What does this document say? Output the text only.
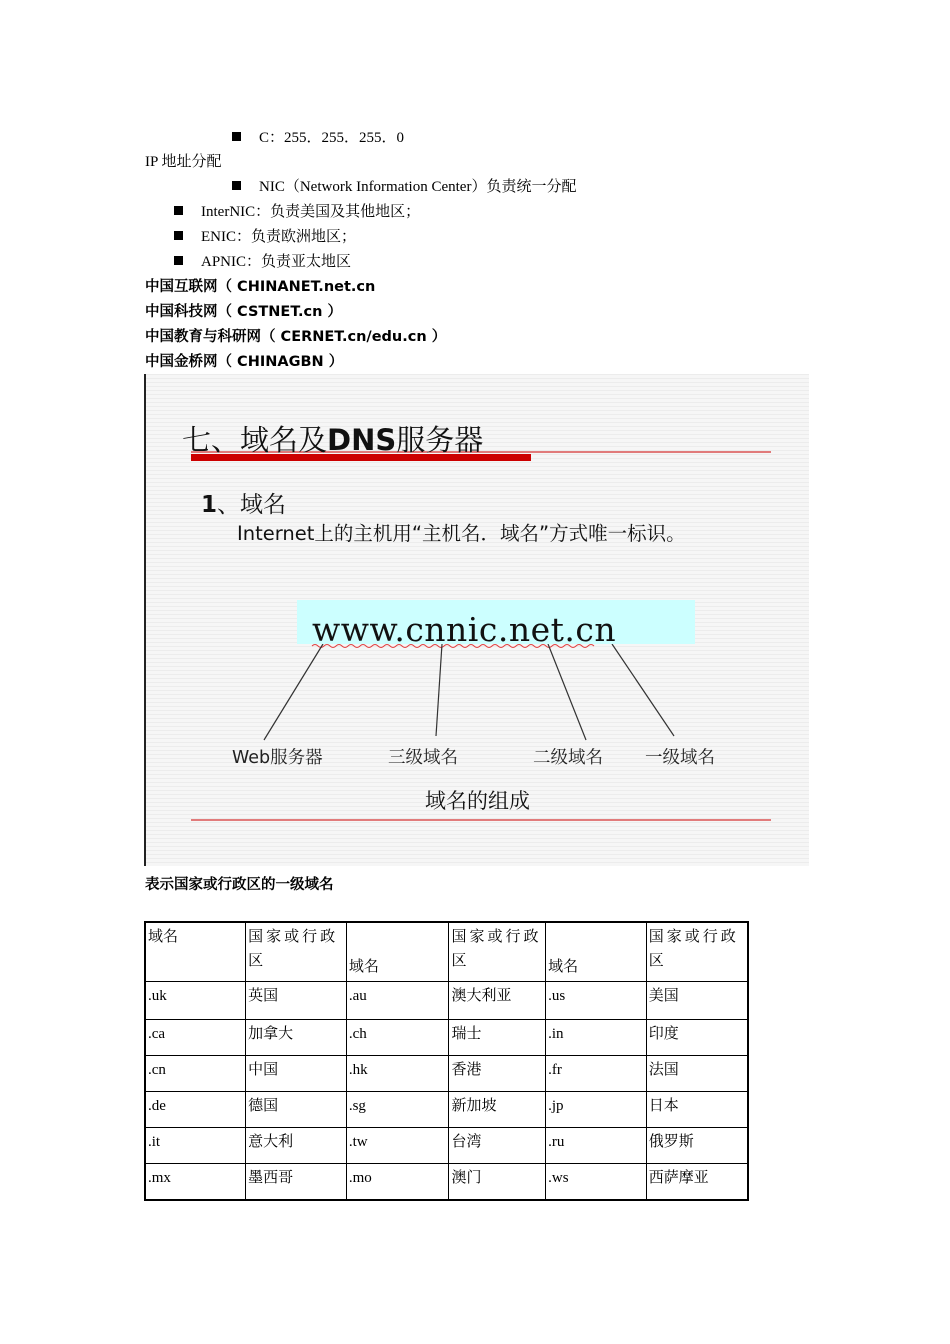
C：255．255．255．0
IP 地址分配
NIC（Network Information Center）负责统一分配
InterNIC：负责美国及其他地区；
ENIC：负责欧洲地区；
APNIC：负责亚太地区
中国互联网（ CHINANET.net.cn
中国科技网（ CSTNET.cn ）
中国教育与科研网（ CERNET.cn/edu.cn ）
中国金桥网（ CHINAGBN ）
七、域名及DNS服务器
1、域名
Internet上的主机用“主机名．域名”方式唯一标识。
www.cnnic.net.cn
Web服务器	三级域名	二级域名 一级域名
域名的组成
表示国家或行政区的一级域名
域名	国家或行政区	域名	国家或行政区	域名	国家或行政区
.uk	英国	.au	澳大利亚	.us	美国
.ca	加拿大	.ch	瑞士	.in	印度
.cn	中国	.hk	香港	.fr	法国
.de	德国	.sg	新加坡	.jp	日本
.it	意大利	.tw	台湾	.ru	俄罗斯
.mx	墨西哥	.mo	澳门	.ws	西萨摩亚
